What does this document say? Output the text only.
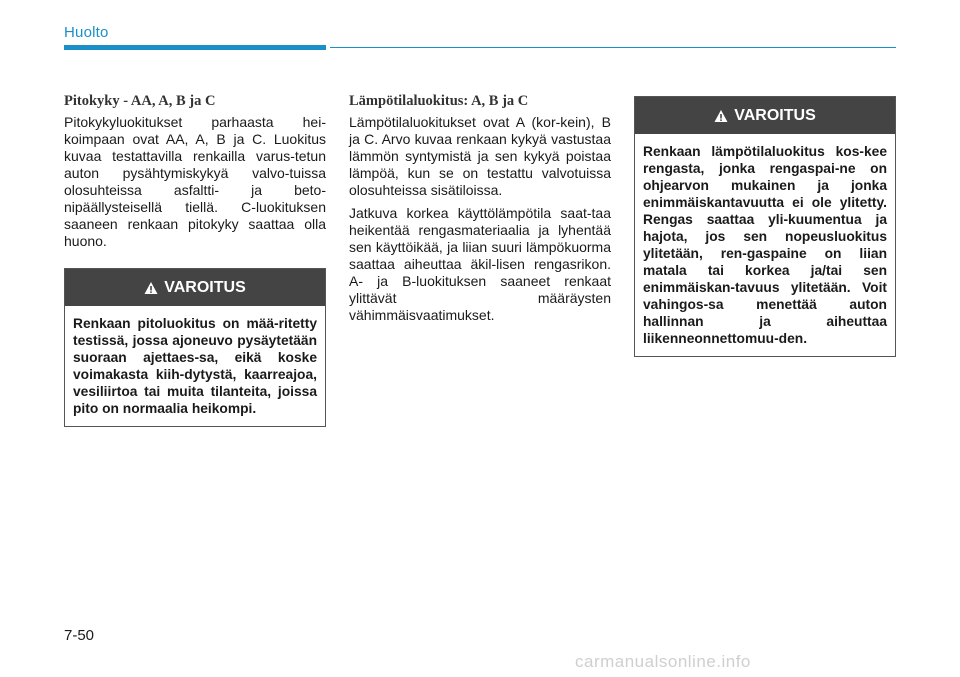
Huolto
Pitokyky - AA, A, B ja C

Pitokykyluokitukset parhaasta hei-koimpaan ovat AA, A, B ja C. Luokitus kuvaa testattavilla renkailla varus-tetun auton pysähtymiskykyä valvo-tuissa olosuhteissa asfaltti- ja beto-nipäällysteisellä tiellä. C-luokituksen saaneen renkaan pitokyky saattaa olla huono.

VAROITUS
Renkaan pitoluokitus on mää-ritetty testissä, jossa ajoneuvo pysäytetään suoraan ajettaes-sa, eikä koske voimakasta kiih-dytystä, kaarreajoa, vesiliirtoa tai muita tilanteita, joissa pito on normaalia heikompi.
Lämpötilaluokitus: A, B ja C

Lämpötilaluokitukset ovat A (kor-kein), B ja C. Arvo kuvaa renkaan kykyä vastustaa lämmön syntymistä ja sen kykyä poistaa lämpöä, kun se on testattu valvotuissa olosuhteissa sisätiloissa.

Jatkuva korkea käyttölämpötila saat-taa heikentää rengasmateriaalia ja lyhentää sen käyttöikää, ja liian suuri lämpökuorma saattaa aiheuttaa äkil-lisen rengasrikon. A- ja B-luokituksen saaneet renkaat ylittävät määräysten vähimmäisvaatimukset.

VAROITUS
Renkaan lämpötilaluokitus kos-kee rengasta, jonka rengaspai-ne on ohjearvon mukainen ja jonka enimmäiskantavuutta ei ole ylitetty. Rengas saattaa yli-kuumentua ja hajota, jos sen nopeusluokitus ylitetään, ren-gaspaine on liian matala tai korkea ja/tai sen enimmäiskan-tavuus ylitetään. Voit vahingos-sa menettää auton hallinnan ja aiheuttaa liikenneonnettomuu-den.
7-50
carmanualsonline.info
